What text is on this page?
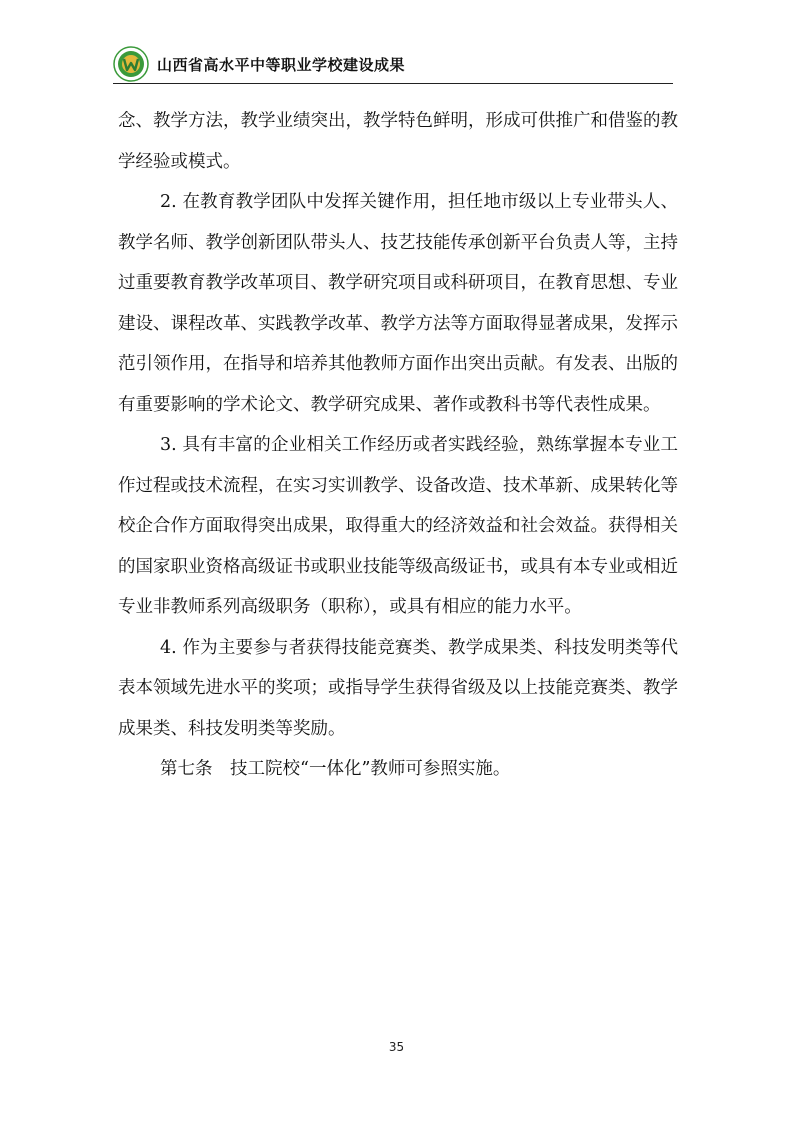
山西省高水平中等职业学校建设成果

念、教学方法，教学业绩突出，教学特色鲜明，形成可供推广和借鉴的教学经验或模式。

2. 在教育教学团队中发挥关键作用，担任地市级以上专业带头人、教学名师、教学创新团队带头人、技艺技能传承创新平台负责人等，主持过重要教育教学改革项目、教学研究项目或科研项目，在教育思想、专业建设、课程改革、实践教学改革、教学方法等方面取得显著成果，发挥示范引领作用，在指导和培养其他教师方面作出突出贡献。有发表、出版的有重要影响的学术论文、教学研究成果、著作或教科书等代表性成果。

3. 具有丰富的企业相关工作经历或者实践经验，熟练掌握本专业工作过程或技术流程，在实习实训教学、设备改造、技术革新、成果转化等校企合作方面取得突出成果，取得重大的经济效益和社会效益。获得相关的国家职业资格高级证书或职业技能等级高级证书，或具有本专业或相近专业非教师系列高级职务（职称），或具有相应的能力水平。

4. 作为主要参与者获得技能竞赛类、教学成果类、科技发明类等代表本领域先进水平的奖项；或指导学生获得省级及以上技能竞赛类、教学成果类、科技发明类等奖励。

第七条　技工院校“一体化”教师可参照实施。

35
